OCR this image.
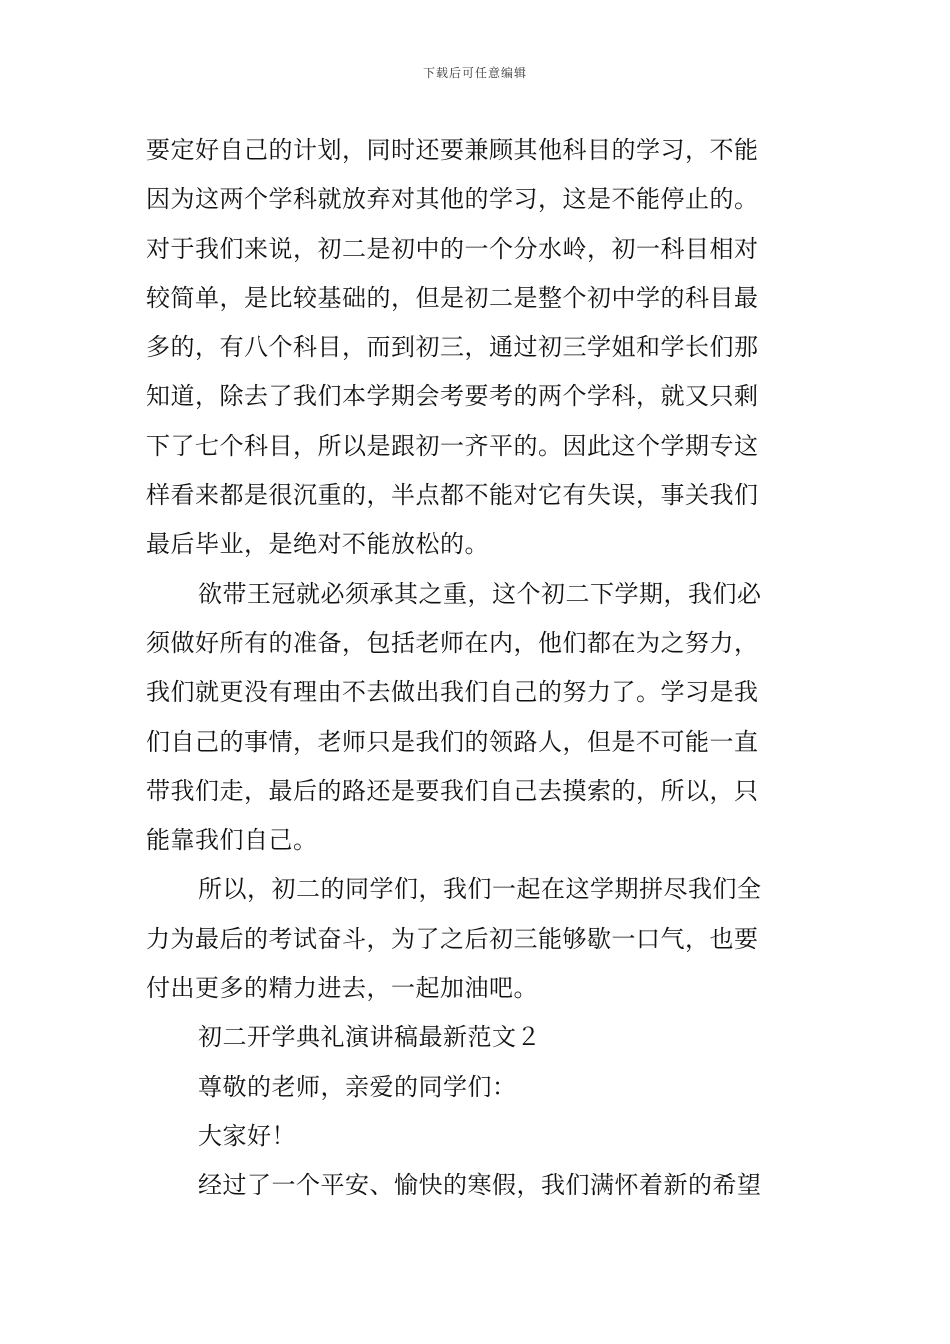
下载后可任意编辑
要定好自己的计划，同时还要兼顾其他科目的学习，不能
因为这两个学科就放弃对其他的学习，这是不能停止的。
对于我们来说，初二是初中的一个分水岭，初一科目相对
较简单，是比较基础的，但是初二是整个初中学的科目最
多的，有八个科目，而到初三，通过初三学姐和学长们那
知道，除去了我们本学期会考要考的两个学科，就又只剩
下了七个科目，所以是跟初一齐平的。因此这个学期专这
样看来都是很沉重的，半点都不能对它有失误，事关我们
最后毕业，是绝对不能放松的。
欲带王冠就必须承其之重，这个初二下学期，我们必
须做好所有的准备，包括老师在内，他们都在为之努力，
我们就更没有理由不去做出我们自己的努力了。学习是我
们自己的事情，老师只是我们的领路人，但是不可能一直
带我们走，最后的路还是要我们自己去摸索的，所以，只
能靠我们自己。
所以，初二的同学们，我们一起在这学期拼尽我们全
力为最后的考试奋斗，为了之后初三能够歇一口气，也要
付出更多的精力进去，一起加油吧。
初二开学典礼演讲稿最新范文２
尊敬的老师，亲爱的同学们：
大家好！
经过了一个平安、愉快的寒假，我们满怀着新的希望
